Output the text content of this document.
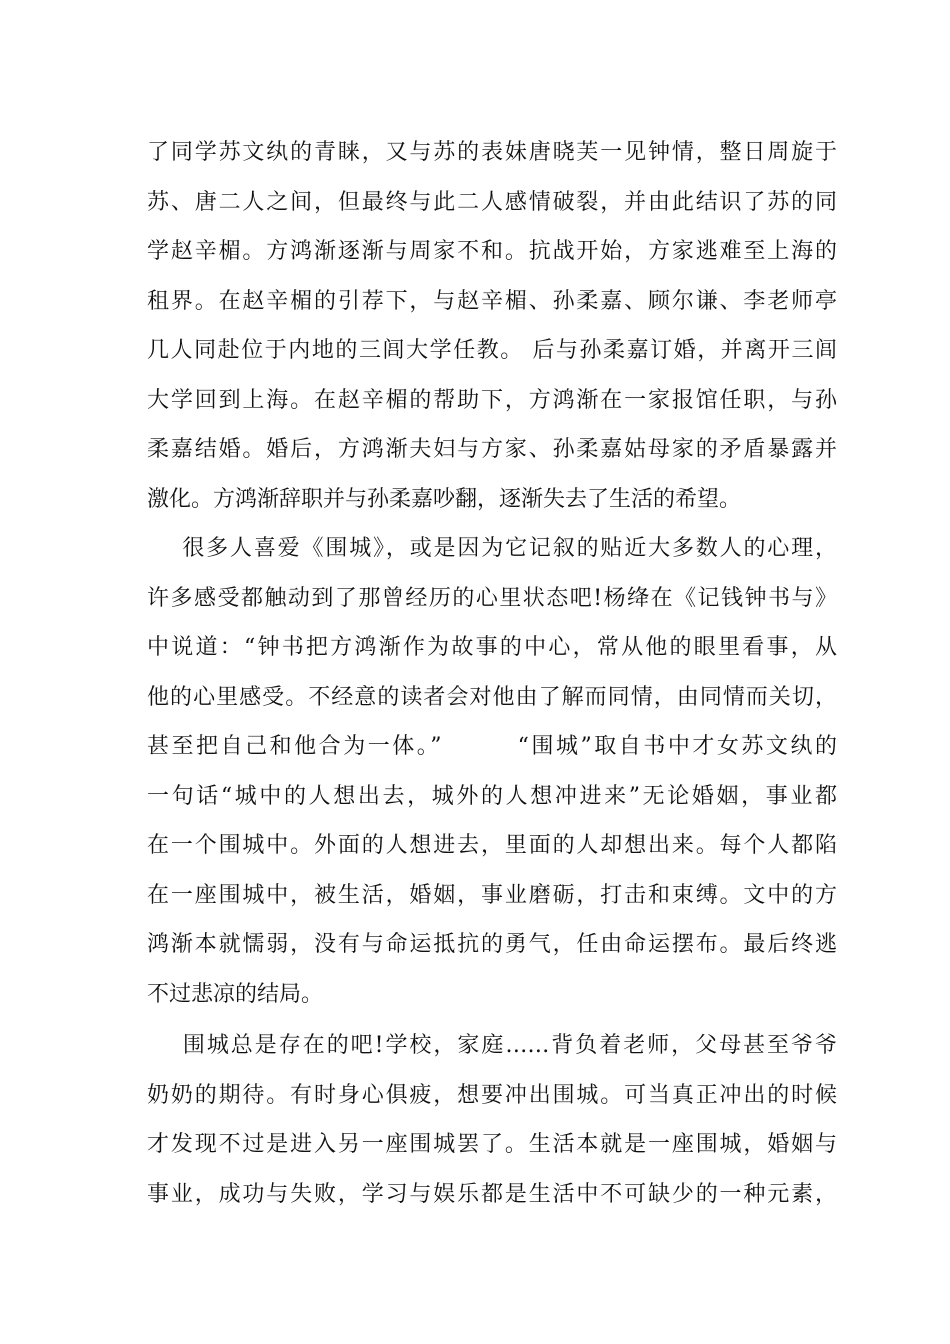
了同学苏文纨的青睐，又与苏的表妹唐晓芙一见钟情，整日周旋于
苏、唐二人之间，但最终与此二人感情破裂，并由此结识了苏的同
学赵辛楣。方鸿渐逐渐与周家不和。抗战开始，方家逃难至上海的
租界。在赵辛楣的引荐下，与赵辛楣、孙柔嘉、顾尔谦、李老师亭
几人同赴位于内地的三闾大学任教。 后与孙柔嘉订婚，并离开三闾
大学回到上海。在赵辛楣的帮助下，方鸿渐在一家报馆任职，与孙
柔嘉结婚。婚后，方鸿渐夫妇与方家、孙柔嘉姑母家的矛盾暴露并
激化。方鸿渐辞职并与孙柔嘉吵翻，逐渐失去了生活的希望。
很多人喜爱《围城》，或是因为它记叙的贴近大多数人的心理，
许多感受都触动到了那曾经历的心里状态吧!杨绛在《记钱钟书与》
中说道：“钟书把方鸿渐作为故事的中心，常从他的眼里看事，从
他的心里感受。不经意的读者会对他由了解而同情，由同情而关切，
甚至把自己和他合为一体。”        “围城”取自书中才女苏文纨的
一句话“城中的人想出去，城外的人想冲进来”无论婚姻，事业都
在一个围城中。外面的人想进去，里面的人却想出来。每个人都陷
在一座围城中，被生活，婚姻，事业磨砺，打击和束缚。文中的方
鸿渐本就懦弱，没有与命运抵抗的勇气，任由命运摆布。最后终逃
不过悲凉的结局。
围城总是存在的吧!学校，家庭……背负着老师，父母甚至爷爷
奶奶的期待。有时身心俱疲，想要冲出围城。可当真正冲出的时候
才发现不过是进入另一座围城罢了。生活本就是一座围城，婚姻与
事业，成功与失败，学习与娱乐都是生活中不可缺少的一种元素，
